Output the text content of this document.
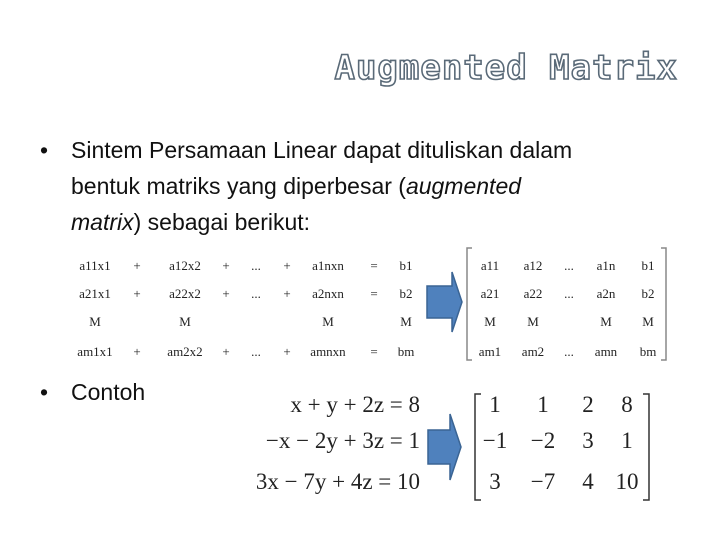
Augmented Matrix
• Sintem Persamaan Linear dapat dituliskan dalam
bentuk matriks yang diperbesar (augmented
matrix) sebagai berikut:
• Contoh
a11x1 + a12x2 + ... + a1nxn = b1
a21x1 + a22x2 + ... + a2nxn = b2
M	M	M	M
am1x1 + am2x2 + ... + amnxn = bm
a11 a12 ... a1n b1
a21 a22 ... a2n b2
M M	M M
am1 am2 ... amn bm
x + y + 2z = 8
−x − 2y + 3z = 1
3x − 7y + 4z = 10
1 1 2 8
−1 −2 3 1
3 −7 4 10
